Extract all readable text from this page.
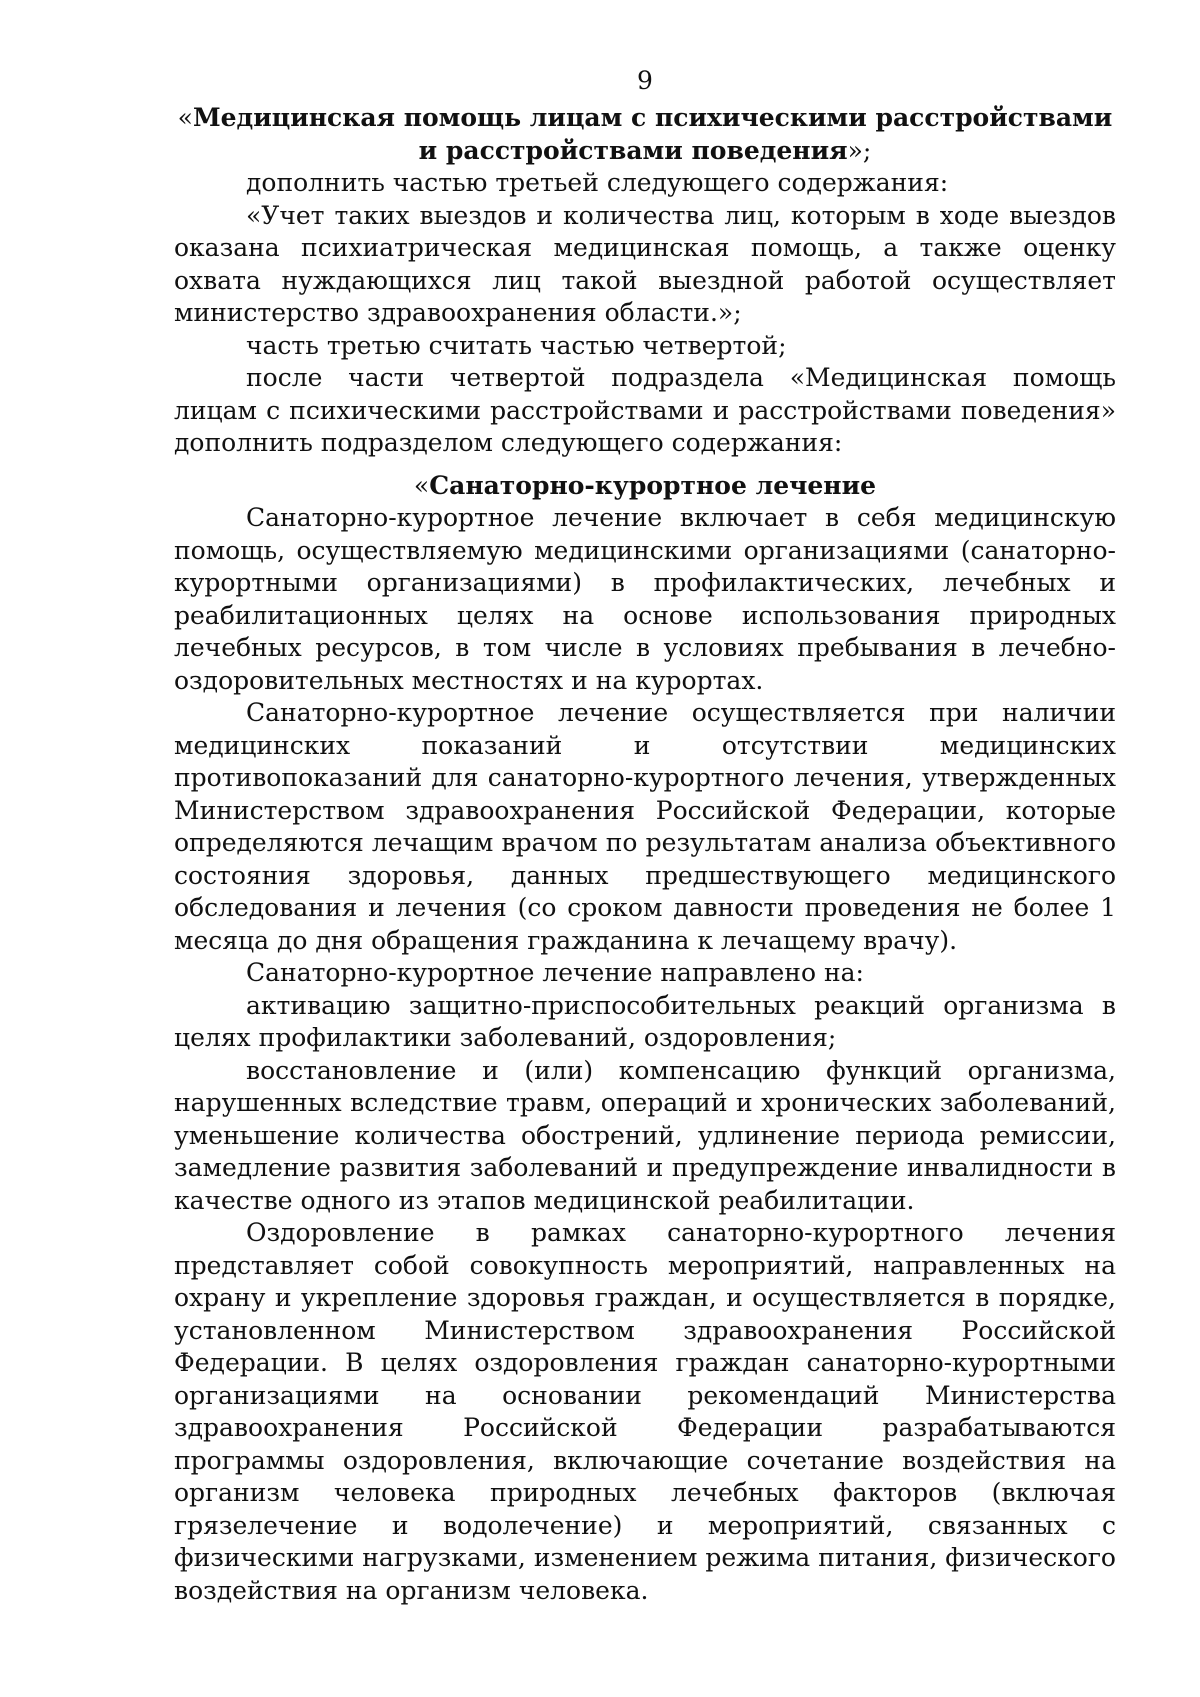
9

«Медицинская помощь лицам с психическими расстройствами и расстройствами поведения»;

дополнить частью третьей следующего содержания:

«Учет таких выездов и количества лиц, которым в ходе выездов оказана психиатрическая медицинская помощь, а также оценку охвата нуждающихся лиц такой выездной работой осуществляет министерство здравоохранения области.»;

часть третью считать частью четвертой;

после части четвертой подраздела «Медицинская помощь лицам с психическими расстройствами и расстройствами поведения» дополнить подразделом следующего содержания:

«Санаторно-курортное лечение

Санаторно-курортное лечение включает в себя медицинскую помощь, осуществляемую медицинскими организациями (санаторно-курортными организациями) в профилактических, лечебных и реабилитационных целях на основе использования природных лечебных ресурсов, в том числе в условиях пребывания в лечебно-оздоровительных местностях и на курортах.

Санаторно-курортное лечение осуществляется при наличии медицинских показаний и отсутствии медицинских противопоказаний для санаторно-курортного лечения, утвержденных Министерством здравоохранения Российской Федерации, которые определяются лечащим врачом по результатам анализа объективного состояния здоровья, данных предшествующего медицинского обследования и лечения (со сроком давности проведения не более 1 месяца до дня обращения гражданина к лечащему врачу).

Санаторно-курортное лечение направлено на:

активацию защитно-приспособительных реакций организма в целях профилактики заболеваний, оздоровления;

восстановление и (или) компенсацию функций организма, нарушенных вследствие травм, операций и хронических заболеваний, уменьшение количества обострений, удлинение периода ремиссии, замедление развития заболеваний и предупреждение инвалидности в качестве одного из этапов медицинской реабилитации.

Оздоровление в рамках санаторно-курортного лечения представляет собой совокупность мероприятий, направленных на охрану и укрепление здоровья граждан, и осуществляется в порядке, установленном Министерством здравоохранения Российской Федерации. В целях оздоровления граждан санаторно-курортными организациями на основании рекомендаций Министерства здравоохранения Российской Федерации разрабатываются программы оздоровления, включающие сочетание воздействия на организм человека природных лечебных факторов (включая грязелечение и водолечение) и мероприятий, связанных с физическими нагрузками, изменением режима питания, физического воздействия на организм человека.
